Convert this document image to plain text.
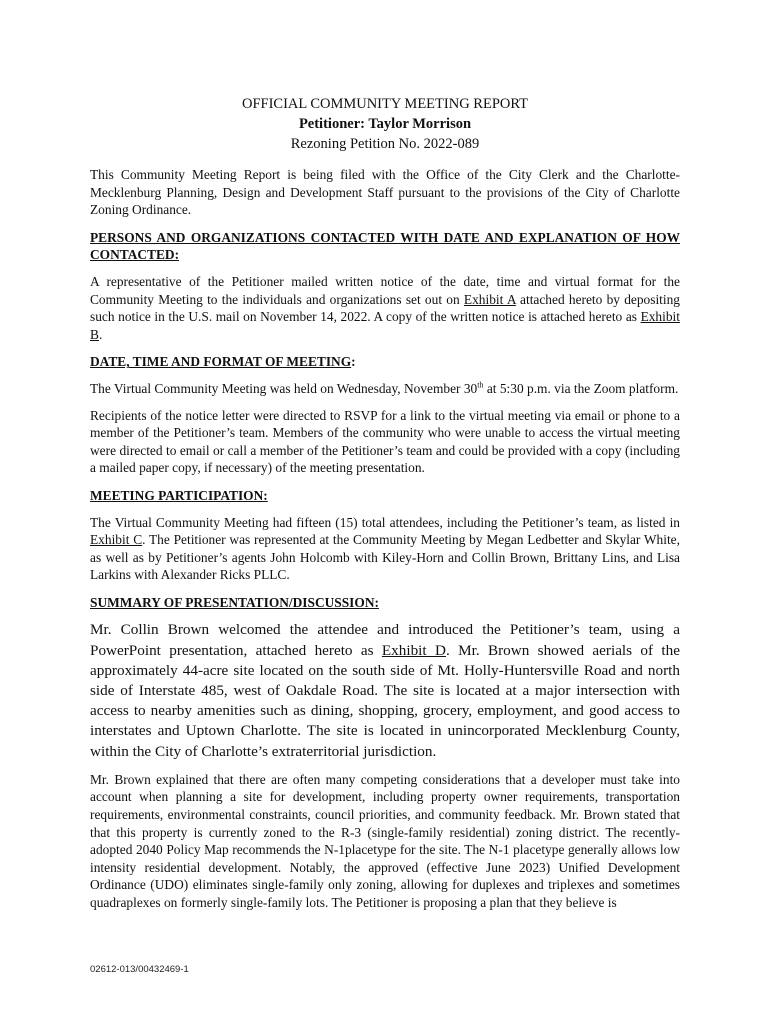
OFFICIAL COMMUNITY MEETING REPORT
Petitioner: Taylor Morrison
Rezoning Petition No. 2022-089

This Community Meeting Report is being filed with the Office of the City Clerk and the Charlotte-Mecklenburg Planning, Design and Development Staff pursuant to the provisions of the City of Charlotte Zoning Ordinance.

PERSONS AND ORGANIZATIONS CONTACTED WITH DATE AND EXPLANATION OF HOW CONTACTED:

A representative of the Petitioner mailed written notice of the date, time and virtual format for the Community Meeting to the individuals and organizations set out on Exhibit A attached hereto by depositing such notice in the U.S. mail on November 14, 2022. A copy of the written notice is attached hereto as Exhibit B.

DATE, TIME AND FORMAT OF MEETING:

The Virtual Community Meeting was held on Wednesday, November 30th at 5:30 p.m. via the Zoom platform.

Recipients of the notice letter were directed to RSVP for a link to the virtual meeting via email or phone to a member of the Petitioner’s team. Members of the community who were unable to access the virtual meeting were directed to email or call a member of the Petitioner’s team and could be provided with a copy (including a mailed paper copy, if necessary) of the meeting presentation.

MEETING PARTICIPATION:

The Virtual Community Meeting had fifteen (15) total attendees, including the Petitioner’s team, as listed in Exhibit C. The Petitioner was represented at the Community Meeting by Megan Ledbetter and Skylar White, as well as by Petitioner’s agents John Holcomb with Kiley-Horn and Collin Brown, Brittany Lins, and Lisa Larkins with Alexander Ricks PLLC.

SUMMARY OF PRESENTATION/DISCUSSION:

Mr. Collin Brown welcomed the attendee and introduced the Petitioner’s team, using a PowerPoint presentation, attached hereto as Exhibit D. Mr. Brown showed aerials of the approximately 44-acre site located on the south side of Mt. Holly-Huntersville Road and north side of Interstate 485, west of Oakdale Road. The site is located at a major intersection with access to nearby amenities such as dining, shopping, grocery, employment, and good access to interstates and Uptown Charlotte. The site is located in unincorporated Mecklenburg County, within the City of Charlotte’s extraterritorial jurisdiction.

Mr. Brown explained that there are often many competing considerations that a developer must take into account when planning a site for development, including property owner requirements, transportation requirements, environmental constraints, council priorities, and community feedback. Mr. Brown stated that that this property is currently zoned to the R-3 (single-family residential) zoning district. The recently-adopted 2040 Policy Map recommends the N-1placetype for the site. The N-1 placetype generally allows low intensity residential development. Notably, the approved (effective June 2023) Unified Development Ordinance (UDO) eliminates single-family only zoning, allowing for duplexes and triplexes and sometimes quadraplexes on formerly single-family lots. The Petitioner is proposing a plan that they believe is

02612-013/00432469-1
